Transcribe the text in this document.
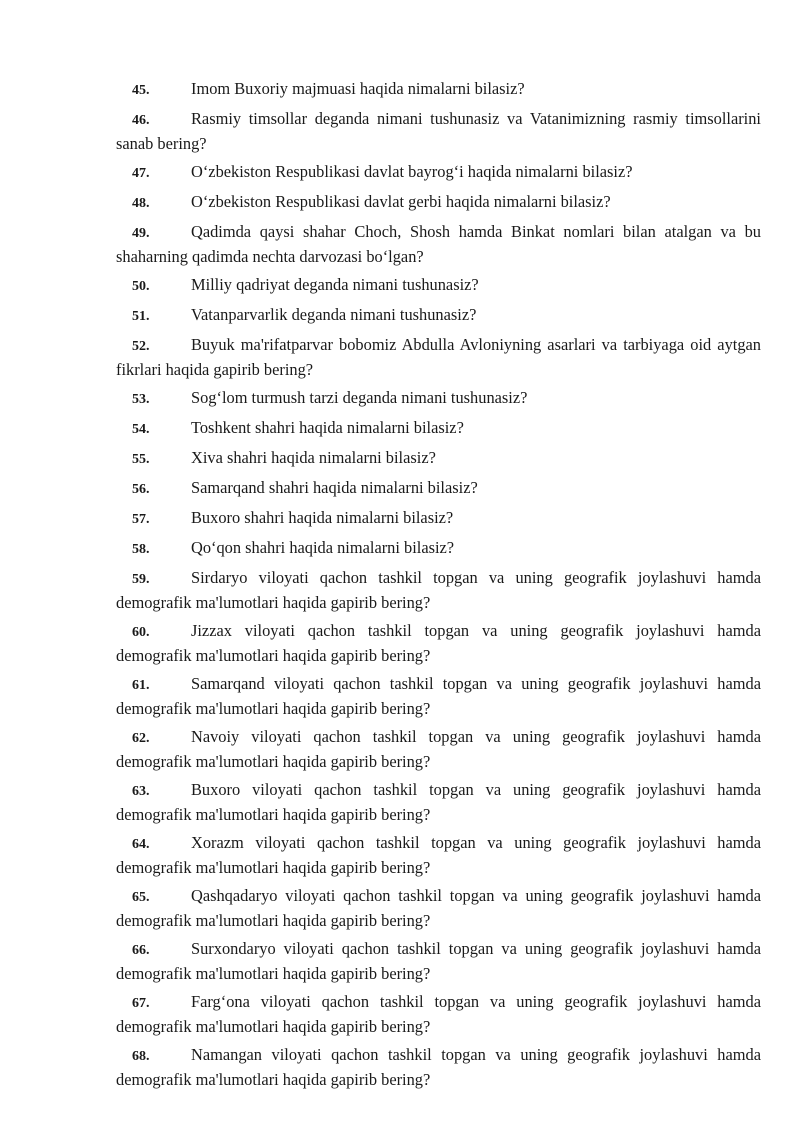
45.	Imom Buxoriy majmuasi haqida nimalarni bilasiz?

46.	Rasmiy timsollar deganda nimani tushunasiz va Vatanimizning rasmiy timsollarini sanab bering?

47.	O‘zbekiston Respublikasi davlat bayrog‘i haqida nimalarni bilasiz?

48.	O‘zbekiston Respublikasi davlat gerbi haqida nimalarni bilasiz?

49.	Qadimda qaysi shahar Choch, Shosh hamda Binkat nomlari bilan atalgan va bu shaharning qadimda nechta darvozasi bo‘lgan?

50.	Milliy qadriyat deganda nimani tushunasiz?

51.	Vatanparvarlik deganda nimani tushunasiz?

52.	Buyuk ma'rifatparvar bobomiz Abdulla Avloniyning asarlari va tarbiyaga oid aytgan fikrlari haqida gapirib bering?

53.	Sog‘lom turmush tarzi deganda nimani tushunasiz?

54.	Toshkent shahri haqida nimalarni bilasiz?

55.	Xiva shahri haqida nimalarni bilasiz?

56.	Samarqand shahri haqida nimalarni bilasiz?

57.	Buxoro shahri haqida nimalarni bilasiz?

58.	Qo‘qon shahri haqida nimalarni bilasiz?

59.	Sirdaryo viloyati qachon tashkil topgan va uning geografik joylashuvi hamda demografik ma'lumotlari haqida gapirib bering?

60.	Jizzax viloyati qachon tashkil topgan va uning geografik joylashuvi hamda demografik ma'lumotlari haqida gapirib bering?

61.	Samarqand viloyati qachon tashkil topgan va uning geografik joylashuvi hamda demografik ma'lumotlari haqida gapirib bering?

62.	Navoiy viloyati qachon tashkil topgan va uning geografik joylashuvi hamda demografik ma'lumotlari haqida gapirib bering?

63.	Buxoro viloyati qachon tashkil topgan va uning geografik joylashuvi hamda demografik ma'lumotlari haqida gapirib bering?

64.	Xorazm viloyati qachon tashkil topgan va uning geografik joylashuvi hamda demografik ma'lumotlari haqida gapirib bering?

65.	Qashqadaryo viloyati qachon tashkil topgan va uning geografik joylashuvi hamda demografik ma'lumotlari haqida gapirib bering?

66.	Surxondaryo viloyati qachon tashkil topgan va uning geografik joylashuvi hamda demografik ma'lumotlari haqida gapirib bering?

67.	Farg‘ona viloyati qachon tashkil topgan va uning geografik joylashuvi hamda demografik ma'lumotlari haqida gapirib bering?

68.	Namangan viloyati qachon tashkil topgan va uning geografik joylashuvi hamda demografik ma'lumotlari haqida gapirib bering?
